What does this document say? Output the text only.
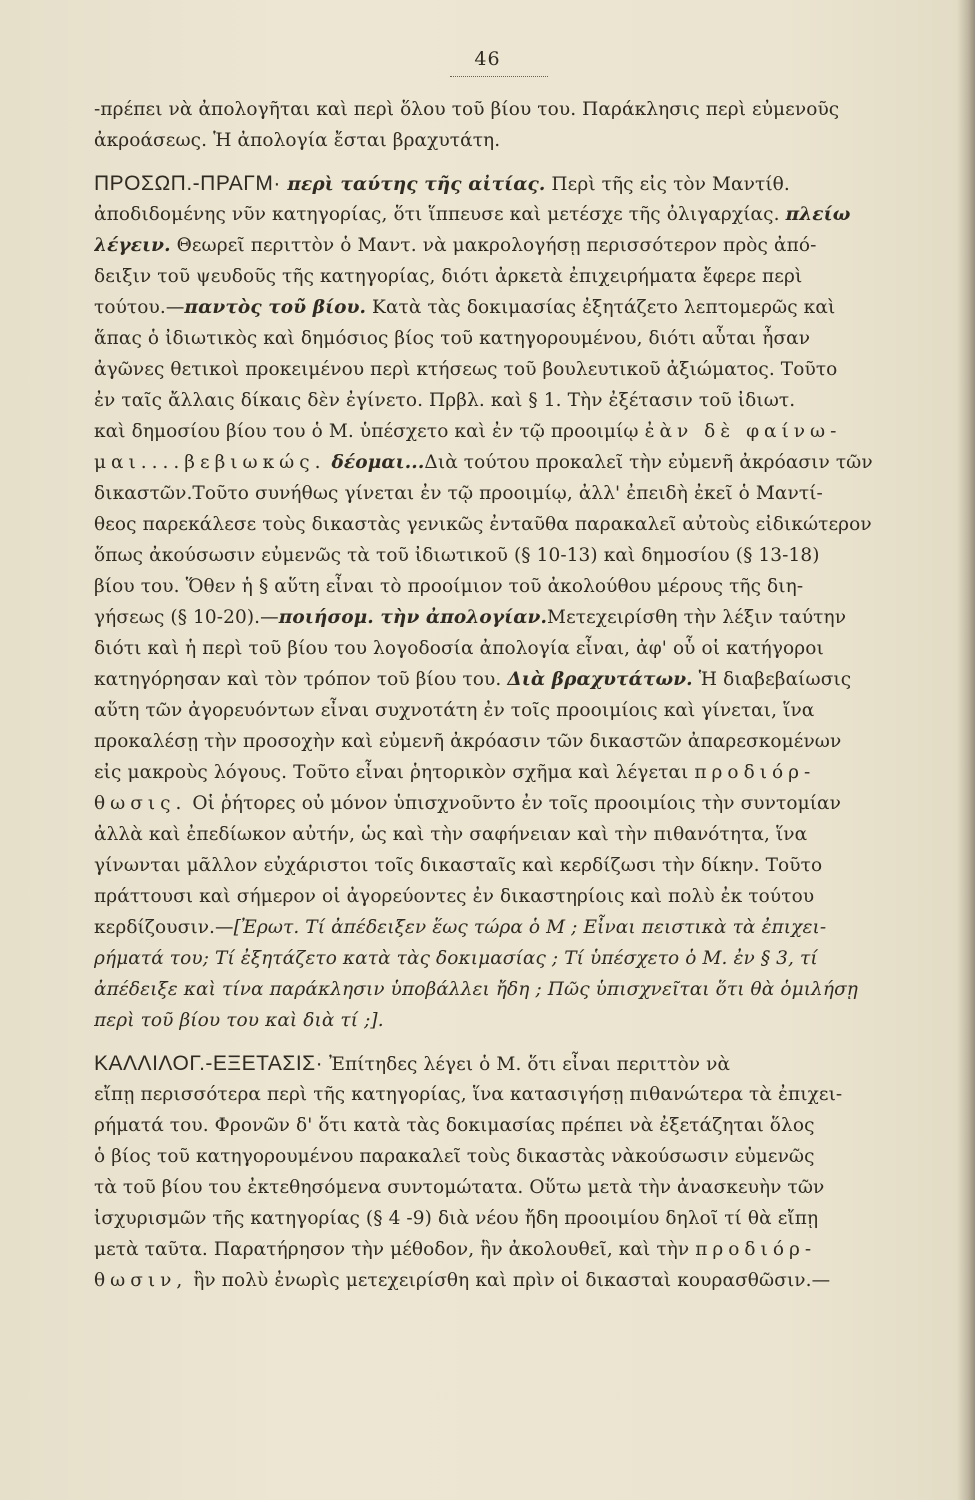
46
-πρέπει νὰ ἀπολογῆται καὶ περὶ ὅλου τοῦ βίου του. Παράκλησις περὶ εὐμενοῦς
ἀκροάσεως. Ἡ ἀπολογία ἔσται βραχυτάτη.
ΠΡΟΣΩΠ.-ΠΡΑΓΜ· περὶ ταύτης τῆς αἰτίας. Περὶ τῆς εἰς τὸν Μαντίθ.
ἀποδιδομένης νῦν κατηγορίας, ὅτι ἵππευσε καὶ μετέσχε τῆς ὀλιγαρχίας. πλείω
λέγειν. Θεωρεῖ περιττὸν ὁ Μαντ. νὰ μακρολογήσῃ περισσότερον πρὸς ἀπό-
δειξιν τοῦ ψευδοῦς τῆς κατηγορίας, διότι ἀρκετὰ ἐπιχειρήματα ἔφερε περὶ
τούτου.—παντὸς τοῦ βίου. Κατὰ τὰς δοκιμασίας ἐξητάζετο λεπτομερῶς καὶ
ἅπας ὁ ἰδιωτικὸς καὶ δημόσιος βίος τοῦ κατηγορουμένου, διότι αὗται ἦσαν
ἀγῶνες θετικοὶ προκειμένου περὶ κτήσεως τοῦ βουλευτικοῦ ἀξιώματος. Τοῦτο
ἐν ταῖς ἄλλαις δίκαις δὲν ἐγίνετο. Πρβλ. καὶ § 1. Τὴν ἐξέτασιν τοῦ ἰδιωτ.
καὶ δημοσίου βίου του ὁ Μ. ὑπέσχετο καὶ ἐν τῷ προοιμίῳ ἐὰν δὲ φαίνω-
μαι....βεβιωκώς. δέομαι...Διὰ τούτου προκαλεῖ τὴν εὐμενῆ ἀκρόασιν τῶν
δικαστῶν.Τοῦτο συνήθως γίνεται ἐν τῷ προοιμίῳ, ἀλλ' ἐπειδὴ ἐκεῖ ὁ Μαντί-
θεος παρεκάλεσε τοὺς δικαστὰς γενικῶς ἐνταῦθα παρακαλεῖ αὐτοὺς εἰδικώτερον
ὅπως ἀκούσωσιν εὐμενῶς τὰ τοῦ ἰδιωτικοῦ (§ 10-13) καὶ δημοσίου (§ 13-18)
βίου του. Ὅθεν ἡ § αὕτη εἶναι τὸ προοίμιον τοῦ ἀκολούθου μέρους τῆς διη-
γήσεως (§ 10-20).—ποιήσομ. τὴν ἀπολογίαν.Μετεχειρίσθη τὴν λέξιν ταύτην
διότι καὶ ἡ περὶ τοῦ βίου του λογοδοσία ἀπολογία εἶναι, ἀφ' οὗ οἱ κατήγοροι
κατηγόρησαν καὶ τὸν τρόπον τοῦ βίου του. Διὰ βραχυτάτων. Ἡ διαβεβαίωσις
αὕτη τῶν ἀγορευόντων εἶναι συχνοτάτη ἐν τοῖς προοιμίοις καὶ γίνεται, ἵνα
προκαλέσῃ τὴν προσοχὴν καὶ εὐμενῆ ἀκρόασιν τῶν δικαστῶν ἀπαρεσκομένων
εἰς μακροὺς λόγους. Τοῦτο εἶναι ῥητορικὸν σχῆμα καὶ λέγεται προδιόρ-
θωσις. Οἱ ῥήτορες οὐ μόνον ὑπισχνοῦντο ἐν τοῖς προοιμίοις τὴν συντομίαν
ἀλλὰ καὶ ἐπεδίωκον αὐτήν, ὡς καὶ τὴν σαφήνειαν καὶ τὴν πιθανότητα, ἵνα
γίνωνται μᾶλλον εὐχάριστοι τοῖς δικασταῖς καὶ κερδίζωσι τὴν δίκην. Τοῦτο
πράττουσι καὶ σήμερον οἱ ἀγορεύοντες ἐν δικαστηρίοις καὶ πολὺ ἐκ τούτου
κερδίζουσιν.—[Ἐρωτ. Τί ἀπέδειξεν ἕως τώρα ὁ Μ ; Εἶναι πειστικὰ τὰ ἐπιχει-
ρήματά του; Τί ἐξητάζετο κατὰ τὰς δοκιμασίας ; Τί ὑπέσχετο ὁ Μ. ἐν § 3, τί
ἀπέδειξε καὶ τίνα παράκλησιν ὑποβάλλει ἤδη ; Πῶς ὑπισχνεῖται ὅτι θὰ ὁμιλήσῃ
περὶ τοῦ βίου του καὶ διὰ τί ;].
ΚΑΛΛΙΛΟΓ.-ΕΞΕΤΑΣΙΣ· Ἐπίτηδες λέγει ὁ Μ. ὅτι εἶναι περιττὸν νὰ
εἴπῃ περισσότερα περὶ τῆς κατηγορίας, ἵνα κατασιγήσῃ πιθανώτερα τὰ ἐπιχει-
ρήματά του. Φρονῶν δ' ὅτι κατὰ τὰς δοκιμασίας πρέπει νὰ ἐξετάζηται ὅλος
ὁ βίος τοῦ κατηγορουμένου παρακαλεῖ τοὺς δικαστὰς νὰκούσωσιν εὐμενῶς
τὰ τοῦ βίου του ἐκτεθησόμενα συντομώτατα. Οὕτω μετὰ τὴν ἀνασκευὴν τῶν
ἰσχυρισμῶν τῆς κατηγορίας (§ 4 -9) διὰ νέου ἤδη προοιμίου δηλοῖ τί θὰ εἴπῃ
μετὰ ταῦτα. Παρατήρησον τὴν μέθοδον, ἣν ἀκολουθεῖ, καὶ τὴν προδιόρ-
θωσιν, ἣν πολὺ ἐνωρὶς μετεχειρίσθη καὶ πρὶν οἱ δικασταὶ κουρασθῶσιν.—
